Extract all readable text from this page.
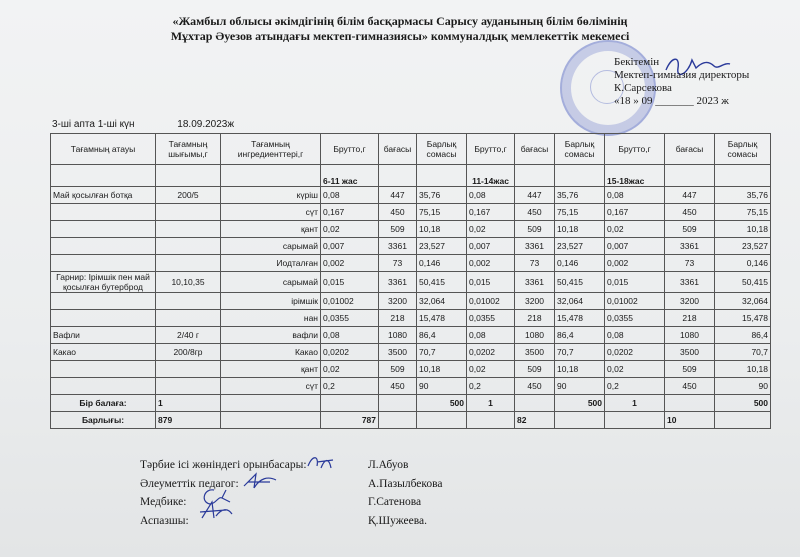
«Жамбыл облысы әкімдігінің білім басқармасы Сарысу ауданының білім бөлімінің
Мұхтар Әуезов атындағы мектеп-гимназиясы» коммуналдық мемлекеттік мекемесі
Бекітемін
Мектеп-гимназия директоры
К.Сарсекова
«18 » 09 _______ 2023 ж
3-ші апта 1-ші күн	18.09.2023ж
Тағамның атауы	Тағамның шығымы,г	Тағамның ингредиенттері,г	Брутто,г	бағасы	Барлық сомасы	Брутто,г	бағасы	Барлық сомасы	Брутто,г	бағасы	Барлық сомасы
			6-11 жас			11-14жас			15-18жас		
Май қосылған ботқа	200/5	күріш	0,08	447	35,76	0,08	447	35,76	0,08	447	35,76
		сүт	0,167	450	75,15	0,167	450	75,15	0,167	450	75,15
		қант	0,02	509	10,18	0,02	509	10,18	0,02	509	10,18
		сарымай	0,007	3361	23,527	0,007	3361	23,527	0,007	3361	23,527
		Иодталған	0,002	73	0,146	0,002	73	0,146	0,002	73	0,146
Гарнир: Ірімшік пен май қосылған бутерброд	10,10,35	сарымай	0,015	3361	50,415	0,015	3361	50,415	0,015	3361	50,415
		ірімшік	0,01002	3200	32,064	0,01002	3200	32,064	0,01002	3200	32,064
		нан	0,0355	218	15,478	0,0355	218	15,478	0,0355	218	15,478
Вафли	2/40 г	вафли	0,08	1080	86,4	0,08	1080	86,4	0,08	1080	86,4
Какао	200/8гр	Какао	0,0202	3500	70,7	0,0202	3500	70,7	0,0202	3500	70,7
		қант	0,02	509	10,18	0,02	509	10,18	0,02	509	10,18
		сүт	0,2	450	90	0,2	450	90	0,2	450	90
Бір балаға:	1				500	1		500	1		500
Барлығы:	879		787				82			10	
Тәрбие ісі жөніндегі орынбасары:	Л.Абуов
Әлеуметтік педагог:	А.Пазылбекова
Медбике:	Г.Сатенова
Аспазшы:	Қ.Шужеева.
